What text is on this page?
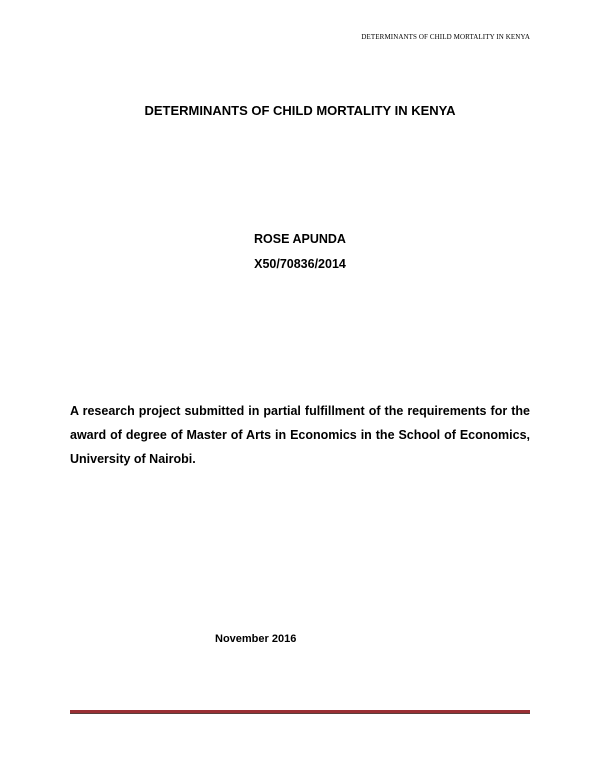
DETERMINANTS OF CHILD MORTALITY IN KENYA
DETERMINANTS OF CHILD MORTALITY IN KENYA
ROSE APUNDA
X50/70836/2014
A research project submitted in partial fulfillment of the requirements for the award of degree of Master of Arts in Economics in the School of Economics, University of Nairobi.
November 2016
